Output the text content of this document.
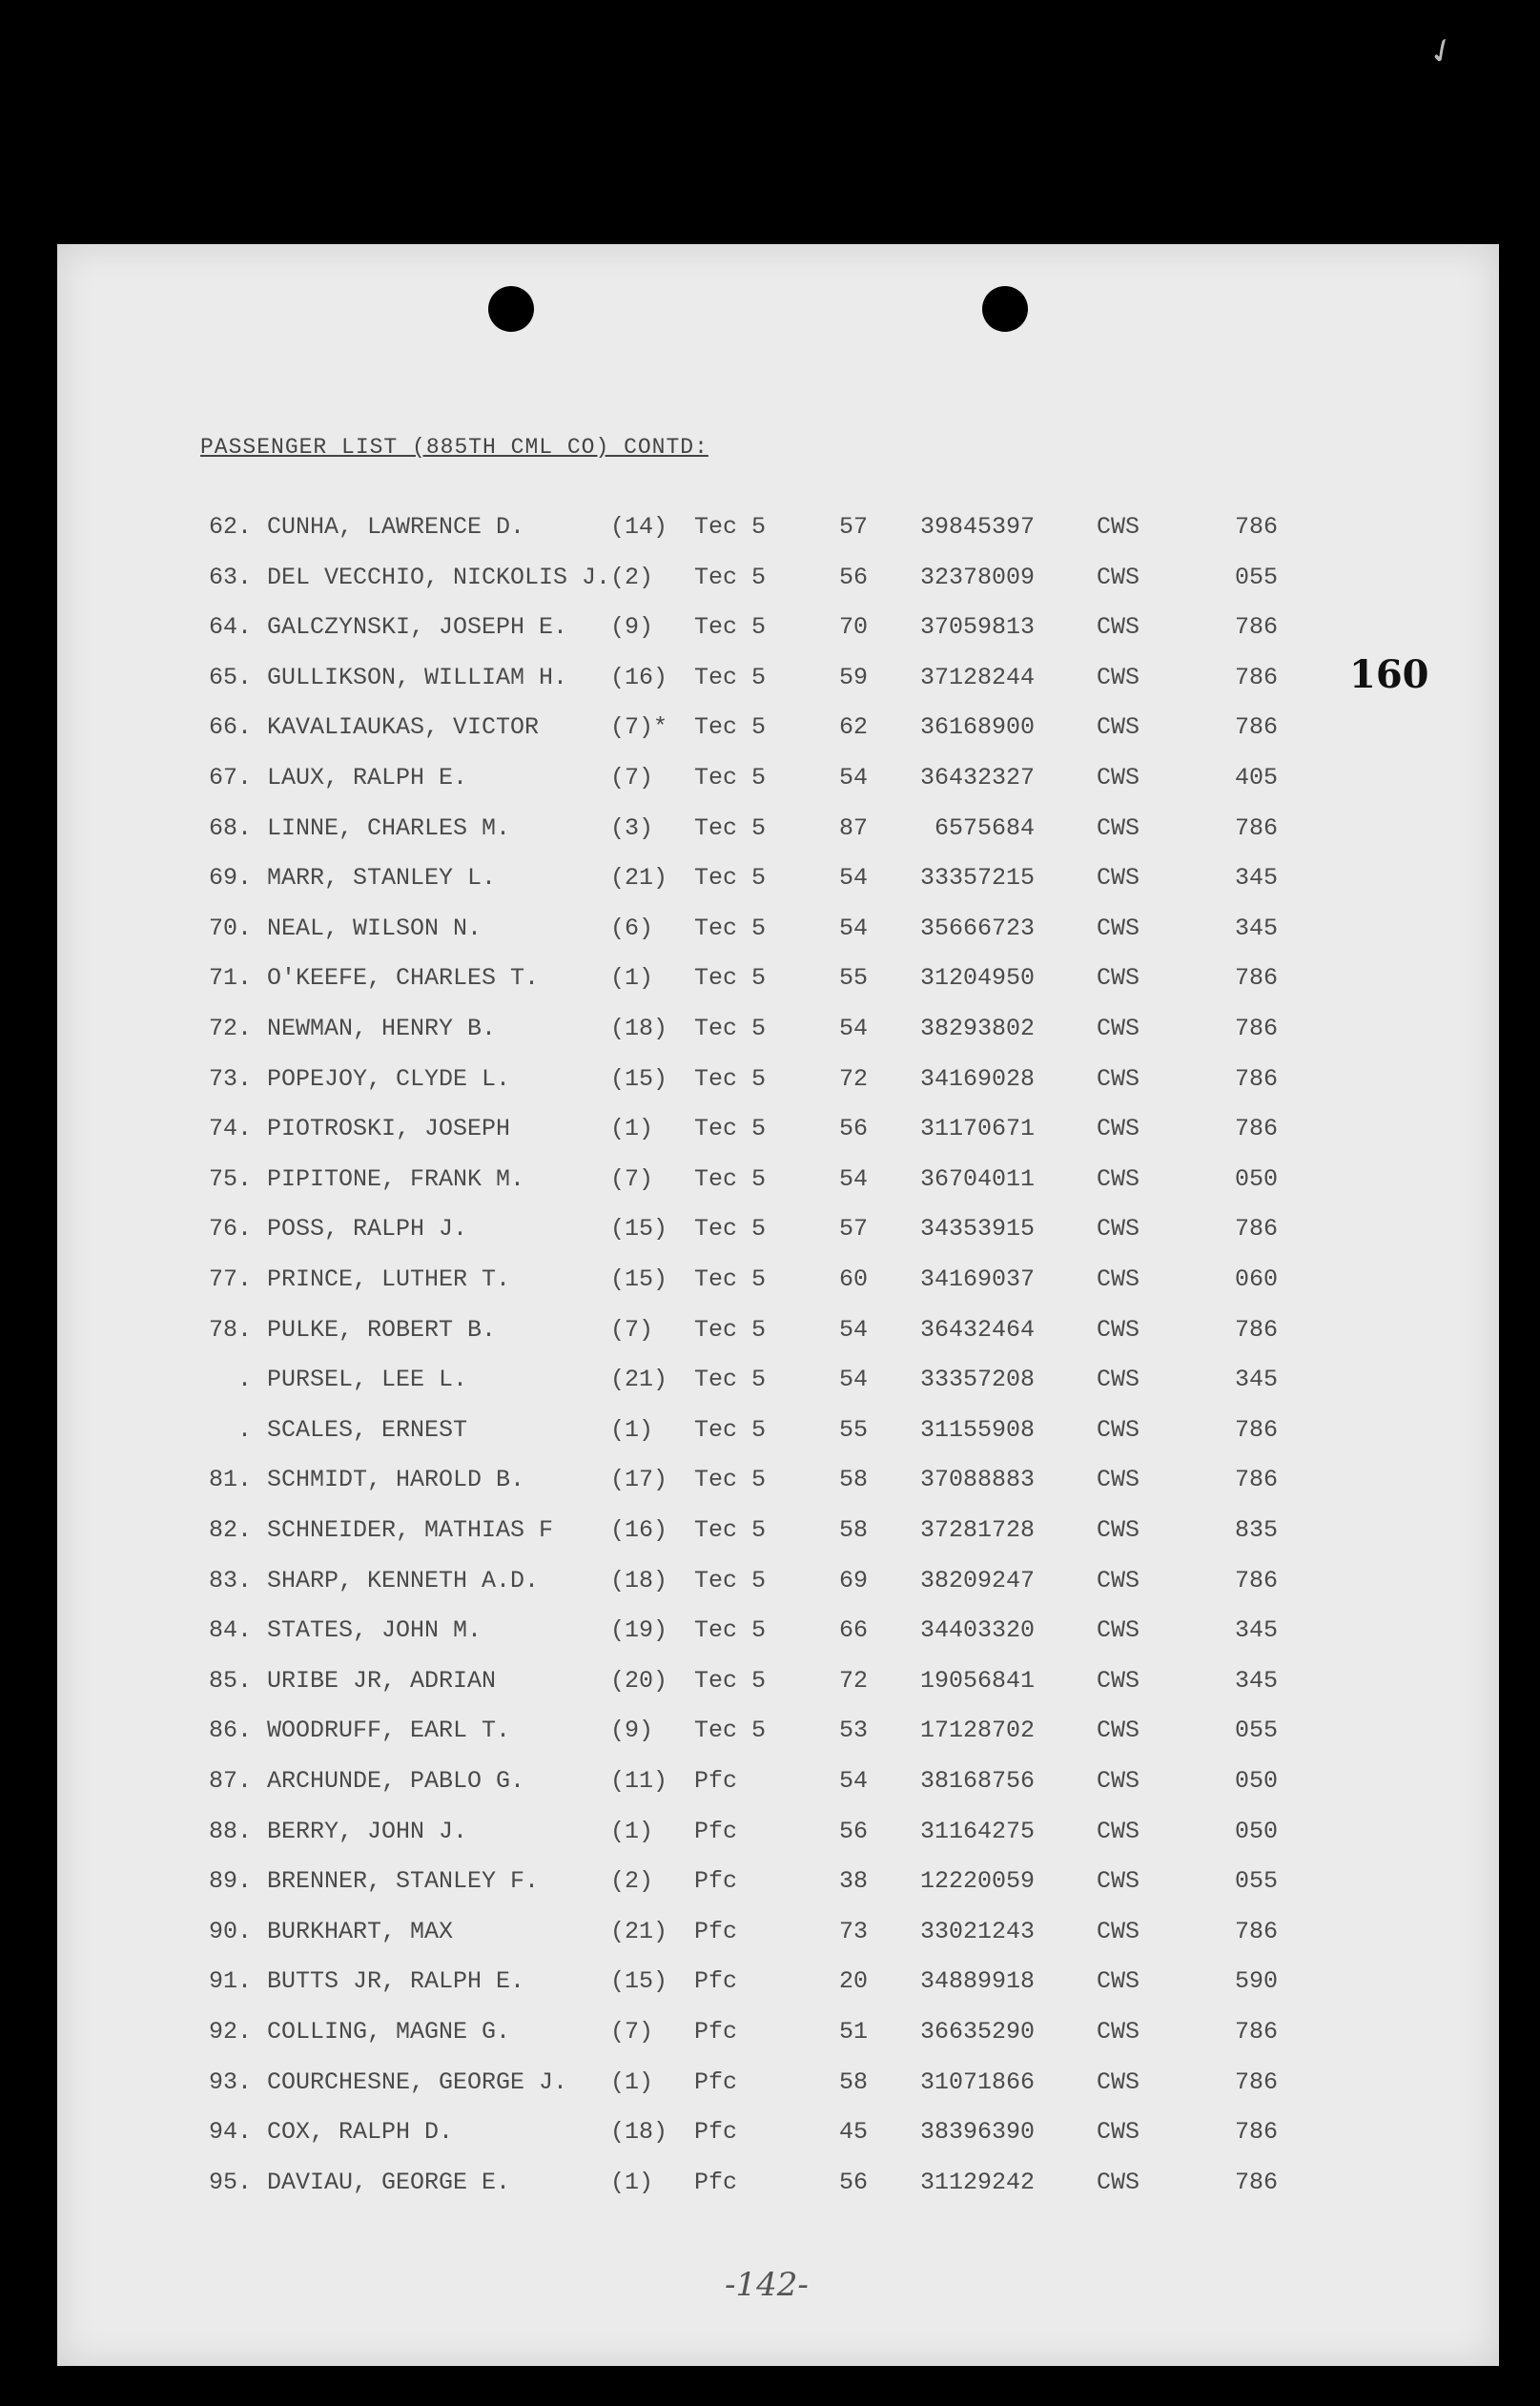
✓
PASSENGER LIST (885TH CML CO) CONTD:
160
62. CUNHA, LAWRENCE D.	(14) Tec 5	57	39845397	CWS	786
63. DEL VECCHIO, NICKOLIS J. (2) Tec 5	56	32378009	CWS	055
64. GALCZYNSKI, JOSEPH E. (9) Tec 5	70	37059813	CWS	786
65. GULLIKSON, WILLIAM H. (16) Tec 5	59	37128244	CWS	786
66. KAVALIAUKAS, VICTOR	(7)* Tec 5	62	36168900	CWS	786
67. LAUX, RALPH E.	(7) Tec 5	54	36432327	CWS	405
68. LINNE, CHARLES M.	(3) Tec 5	87	6575684	CWS	786
69. MARR, STANLEY L.	(21) Tec 5	54	33357215	CWS	345
70. NEAL, WILSON N.	(6) Tec 5	54	35666723	CWS	345
71. O'KEEFE, CHARLES T.	(1) Tec 5	55	31204950	CWS	786
72. NEWMAN, HENRY B.	(18) Tec 5	54	38293802	CWS	786
73. POPEJOY, CLYDE L.	(15) Tec 5	72	34169028	CWS	786
74. PIOTROSKI, JOSEPH	(1) Tec 5	56	31170671	CWS	786
75. PIPITONE, FRANK M.	(7) Tec 5	54	36704011	CWS	050
76. POSS, RALPH J.	(15) Tec 5	57	34353915	CWS	786
77. PRINCE, LUTHER T.	(15) Tec 5	60	34169037	CWS	060
78. PULKE, ROBERT B.	(7) Tec 5	54	36432464	CWS	786
. PURSEL, LEE L.	(21) Tec 5	54	33357208	CWS	345
. SCALES, ERNEST	(1) Tec 5	55	31155908	CWS	786
81. SCHMIDT, HAROLD B.	(17) Tec 5	58	37088883	CWS	786
82. SCHNEIDER, MATHIAS F (16) Tec 5	58	37281728	CWS	835
83. SHARP, KENNETH A.D.	(18) Tec 5	69	38209247	CWS	786
84. STATES, JOHN M.	(19) Tec 5	66	34403320	CWS	345
85. URIBE JR, ADRIAN	(20) Tec 5	72	19056841	CWS	345
86. WOODRUFF, EARL T.	(9) Tec 5	53	17128702	CWS	055
87. ARCHUNDE, PABLO G.	(11) Pfc	54	38168756	CWS	050
88. BERRY, JOHN J.	(1) Pfc	56	31164275	CWS	050
89. BRENNER, STANLEY F.	(2) Pfc	38	12220059	CWS	055
90. BURKHART, MAX	(21) Pfc	73	33021243	CWS	786
91. BUTTS JR, RALPH E.	(15) Pfc	20	34889918	CWS	590
92. COLLING, MAGNE G.	(7) Pfc	51	36635290	CWS	786
93. COURCHESNE, GEORGE J. (1) Pfc	58	31071866	CWS	786
94. COX, RALPH D.	(18) Pfc	45	38396390	CWS	786
95. DAVIAU, GEORGE E.	(1) Pfc	56	31129242	CWS	786
-142-
